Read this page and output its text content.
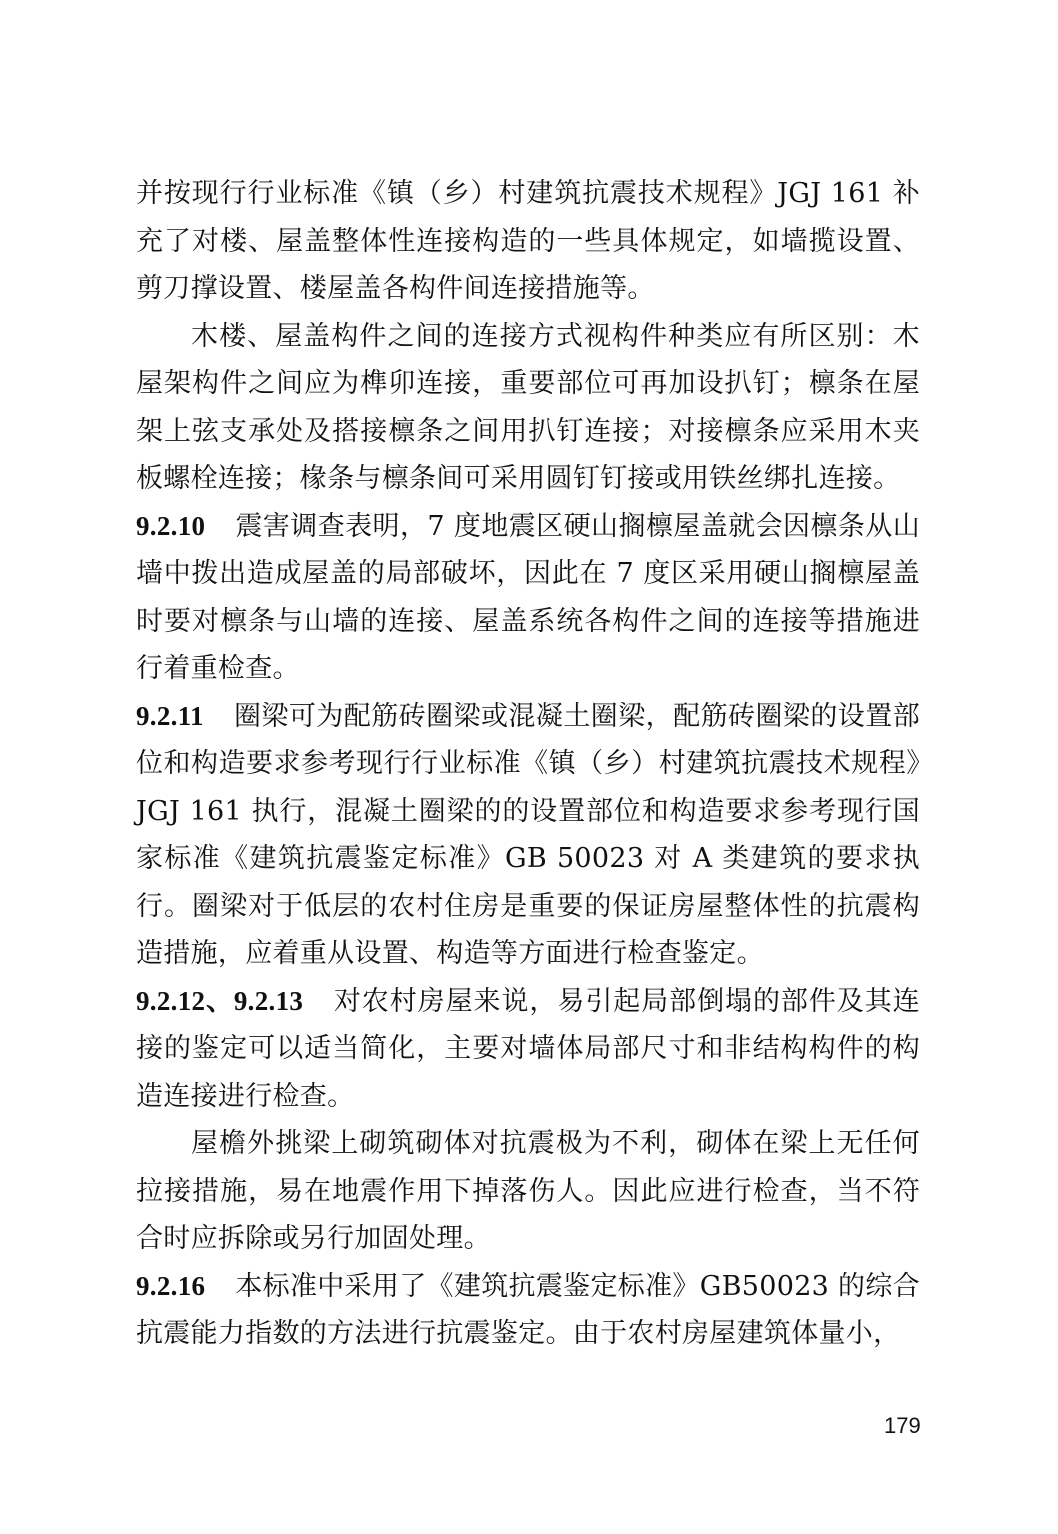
并按现行行业标准《镇（乡）村建筑抗震技术规程》JGJ 161 补充了对楼、屋盖整体性连接构造的一些具体规定，如墙揽设置、剪刀撑设置、楼屋盖各构件间连接措施等。

木楼、屋盖构件之间的连接方式视构件种类应有所区别：木屋架构件之间应为榫卯连接，重要部位可再加设扒钉；檩条在屋架上弦支承处及搭接檩条之间用扒钉连接；对接檩条应采用木夹板螺栓连接；椽条与檩条间可采用圆钉钉接或用铁丝绑扎连接。

9.2.10 震害调查表明，7 度地震区硬山搁檩屋盖就会因檩条从山墙中拨出造成屋盖的局部破坏，因此在 7 度区采用硬山搁檩屋盖时要对檩条与山墙的连接、屋盖系统各构件之间的连接等措施进行着重检查。

9.2.11 圈梁可为配筋砖圈梁或混凝土圈梁，配筋砖圈梁的设置部位和构造要求参考现行行业标准《镇（乡）村建筑抗震技术规程》JGJ 161 执行，混凝土圈梁的的设置部位和构造要求参考现行国家标准《建筑抗震鉴定标准》GB 50023 对 A 类建筑的要求执行。圈梁对于低层的农村住房是重要的保证房屋整体性的抗震构造措施，应着重从设置、构造等方面进行检查鉴定。

9.2.12、9.2.13 对农村房屋来说，易引起局部倒塌的部件及其连接的鉴定可以适当简化，主要对墙体局部尺寸和非结构构件的构造连接进行检查。

屋檐外挑梁上砌筑砌体对抗震极为不利，砌体在梁上无任何拉接措施，易在地震作用下掉落伤人。因此应进行检查，当不符合时应拆除或另行加固处理。

9.2.16 本标准中采用了《建筑抗震鉴定标准》GB50023 的综合抗震能力指数的方法进行抗震鉴定。由于农村房屋建筑体量小，

179
